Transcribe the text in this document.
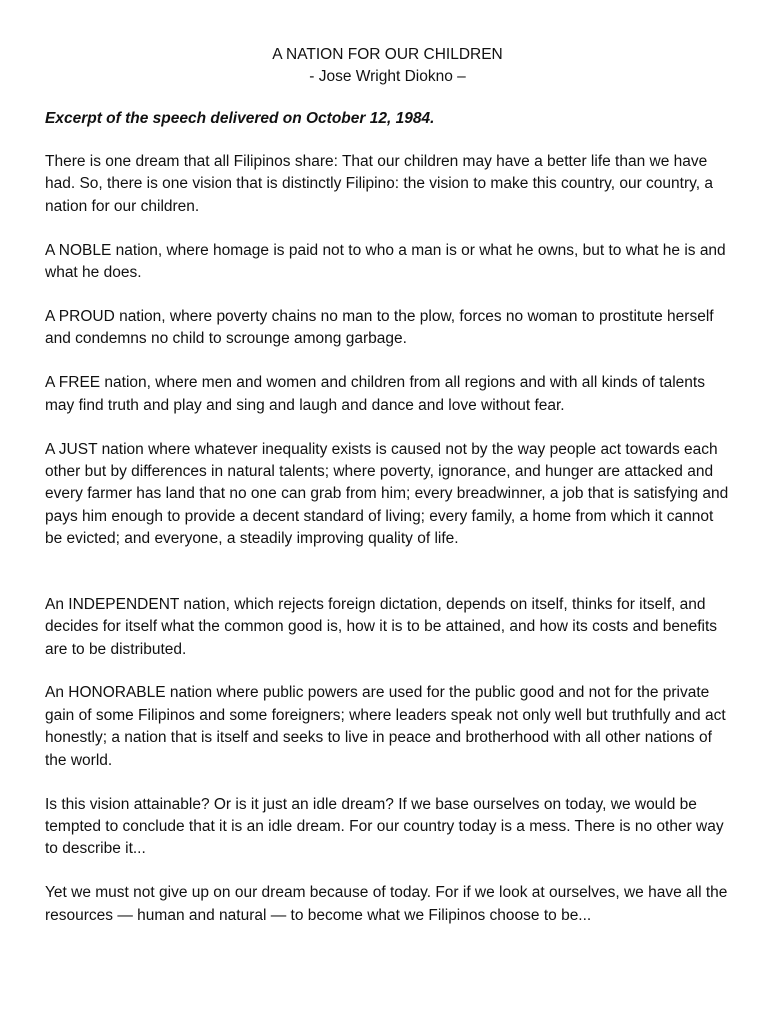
A NATION FOR OUR CHILDREN

- Jose Wright Diokno –

Excerpt of the speech delivered on October 12, 1984.

There is one dream that all Filipinos share: That our children may have a better life than we have had. So, there is one vision that is distinctly Filipino: the vision to make this country, our country, a nation for our children.

A NOBLE nation, where homage is paid not to who a man is or what he owns, but to what he is and what he does.

A PROUD nation, where poverty chains no man to the plow, forces no woman to prostitute herself and condemns no child to scrounge among garbage.

A FREE nation, where men and women and children from all regions and with all kinds of talents may find truth and play and sing and laugh and dance and love without fear.

A JUST nation where whatever inequality exists is caused not by the way people act towards each other but by differences in natural talents; where poverty, ignorance, and hunger are attacked and every farmer has land that no one can grab from him; every breadwinner, a job that is satisfying and pays him enough to provide a decent standard of living; every family, a home from which it cannot be evicted; and everyone, a steadily improving quality of life.

An INDEPENDENT nation, which rejects foreign dictation, depends on itself, thinks for itself, and decides for itself what the common good is, how it is to be attained, and how its costs and benefits are to be distributed.

An HONORABLE nation where public powers are used for the public good and not for the private gain of some Filipinos and some foreigners; where leaders speak not only well but truthfully and act honestly; a nation that is itself and seeks to live in peace and brotherhood with all other nations of the world.

Is this vision attainable? Or is it just an idle dream? If we base ourselves on today, we would be tempted to conclude that it is an idle dream. For our country today is a mess. There is no other way to describe it...

Yet we must not give up on our dream because of today. For if we look at ourselves, we have all the resources — human and natural — to become what we Filipinos choose to be...
